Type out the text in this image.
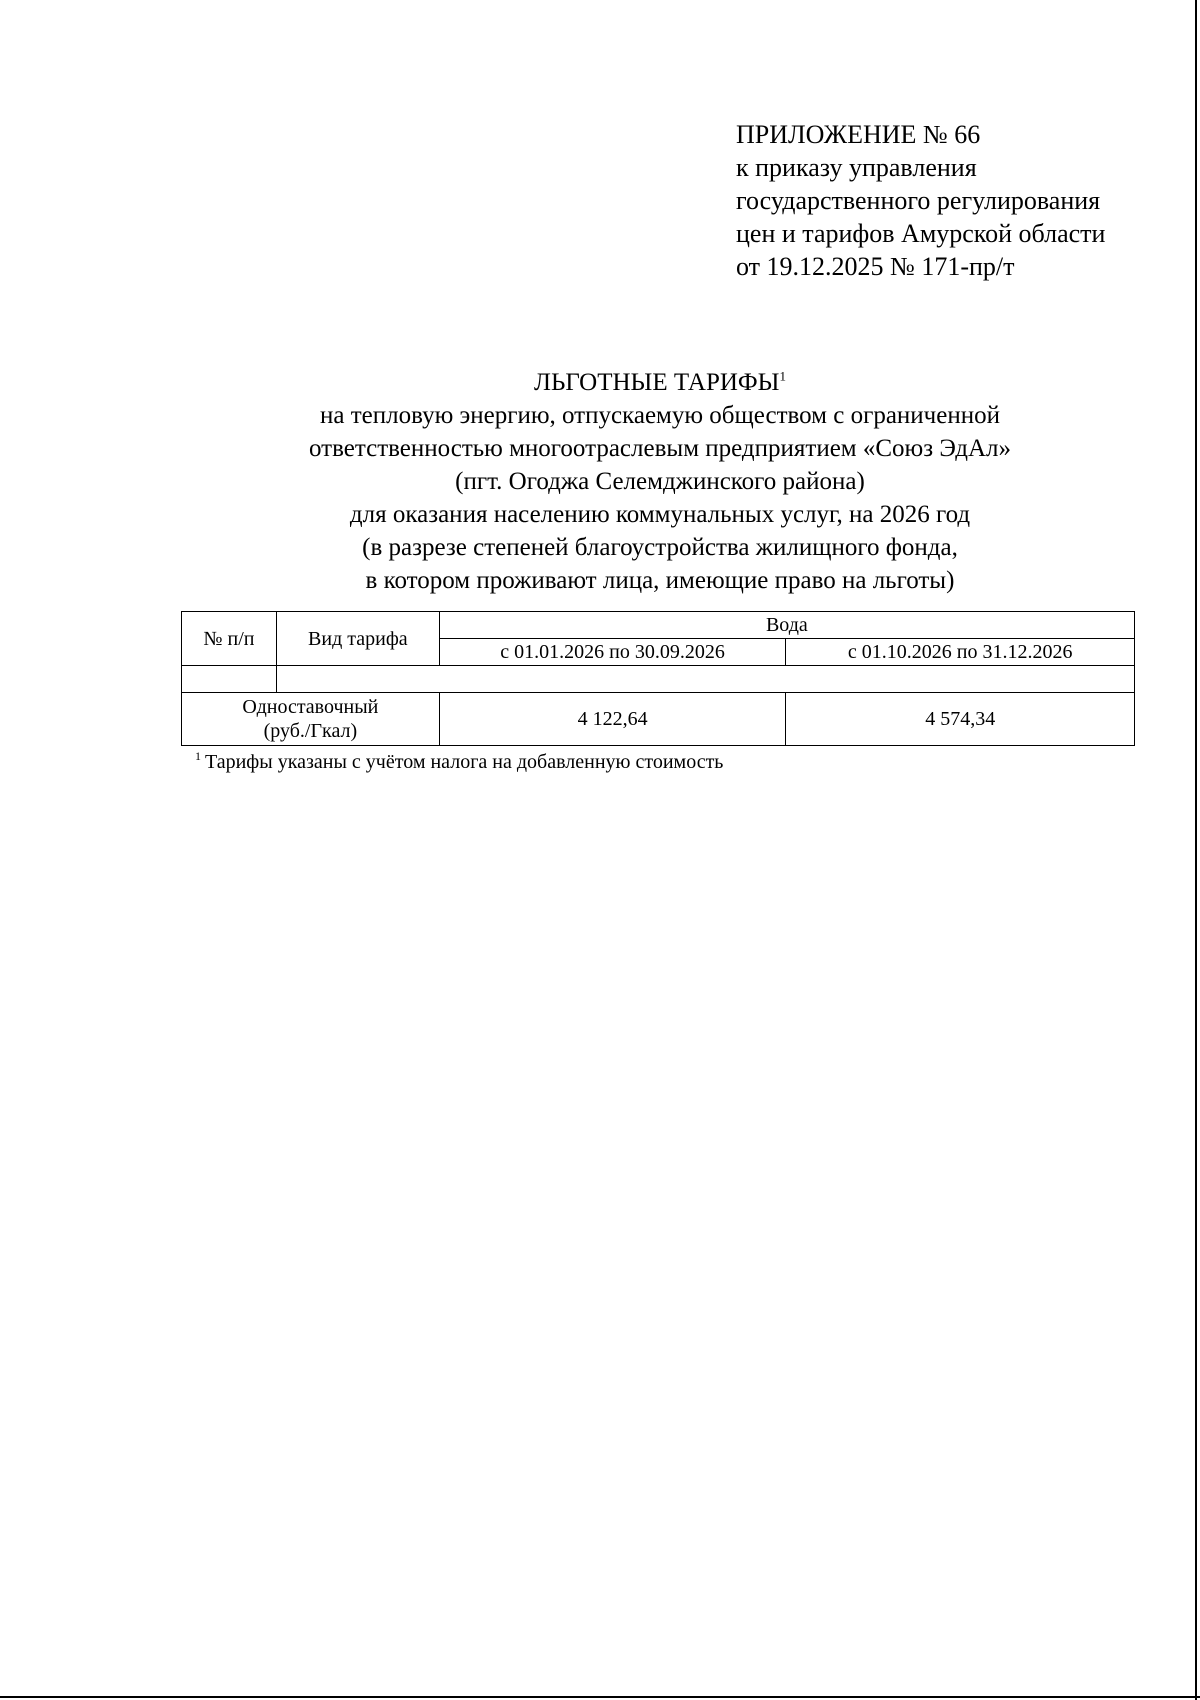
ПРИЛОЖЕНИЕ № 66
к приказу управления
государственного регулирования
цен и тарифов Амурской области
от 19.12.2025 № 171-пр/т
ЛЬГОТНЫЕ ТАРИФЫ$^1$
на тепловую энергию, отпускаемую обществом с ограниченной
ответственностью многоотраслевым предприятием «Союз ЭдАл»
(пгт. Огоджа Селемджинского района)
для оказания населению коммунальных услуг, на 2026 год
(в разрезе степеней благоустройства жилищного фонда,
в котором проживают лица, имеющие право на льготы)
№ п/п	Вид тарифа	Вода	
		с 01.01.2026 по 30.09.2026	с 01.10.2026 по 31.12.2026

Одноставочный
(руб./Гкал)		4 122,64	4 574,34
$^1$ Тарифы указаны с учётом налога на добавленную стоимость
